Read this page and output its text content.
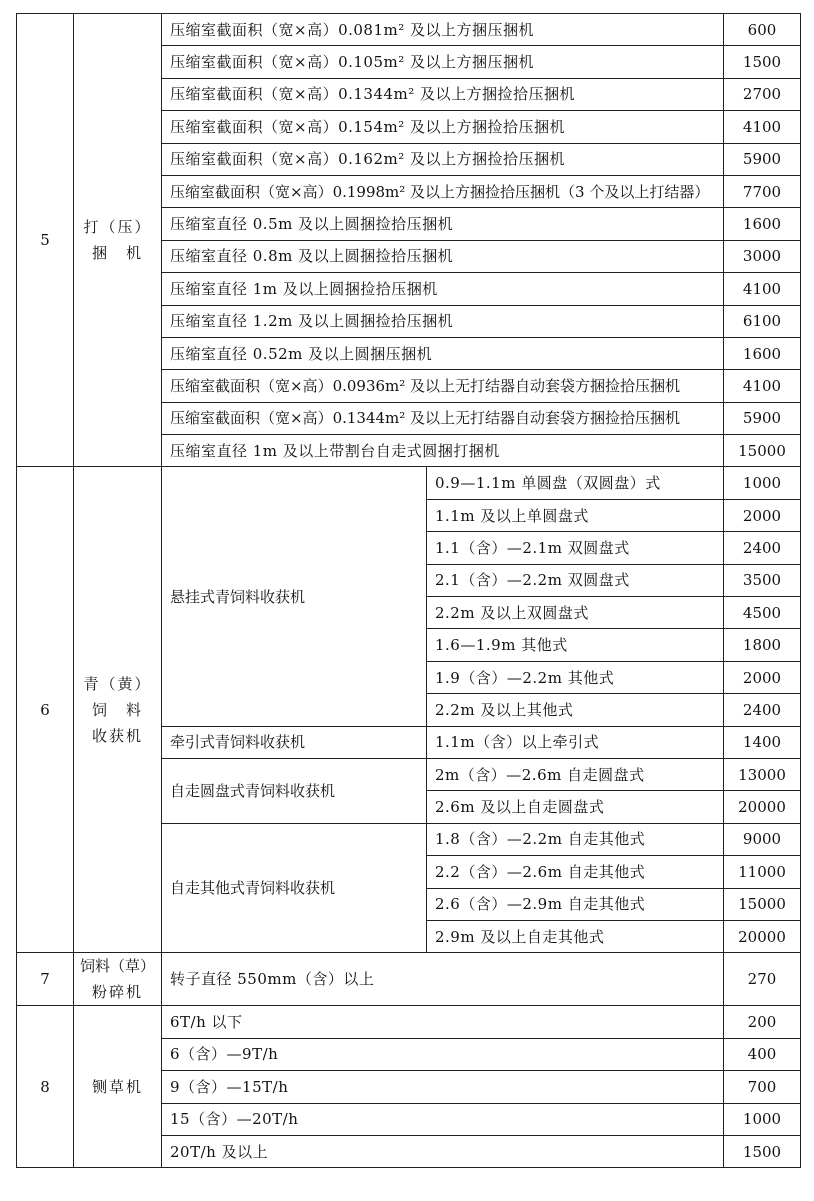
5	打（压）
捆　机	压缩室截面积（宽×高）0.081m² 及以上方捆压捆机		600
		压缩室截面积（宽×高）0.105m² 及以上方捆压捆机		1500
		压缩室截面积（宽×高）0.1344m² 及以上方捆捡拾压捆机		2700
		压缩室截面积（宽×高）0.154m² 及以上方捆捡拾压捆机		4100
		压缩室截面积（宽×高）0.162m² 及以上方捆捡拾压捆机		5900
		压缩室截面积（宽×高）0.1998m² 及以上方捆捡拾压捆机（3 个及以上打结器）		7700
		压缩室直径 0.5m 及以上圆捆捡拾压捆机		1600
		压缩室直径 0.8m 及以上圆捆捡拾压捆机		3000
		压缩室直径 1m 及以上圆捆捡拾压捆机		4100
		压缩室直径 1.2m 及以上圆捆捡拾压捆机		6100
		压缩室直径 0.52m 及以上圆捆压捆机		1600
		压缩室截面积（宽×高）0.0936m² 及以上无打结器自动套袋方捆捡拾压捆机		4100
		压缩室截面积（宽×高）0.1344m² 及以上无打结器自动套袋方捆捡拾压捆机		5900
		压缩室直径 1m 及以上带割台自走式圆捆打捆机		15000
6	青（黄）
饲　料
收获机	悬挂式青饲料收获机	0.9—1.1m 单圆盘（双圆盘）式	1000
			1.1m 及以上单圆盘式	2000
			1.1（含）—2.1m 双圆盘式	2400
			2.1（含）—2.2m 双圆盘式	3500
			2.2m 及以上双圆盘式	4500
			1.6—1.9m 其他式	1800
			1.9（含）—2.2m 其他式	2000
			2.2m 及以上其他式	2400
		牵引式青饲料收获机	1.1m（含）以上牵引式	1400
		自走圆盘式青饲料收获机	2m（含）—2.6m 自走圆盘式	13000
			2.6m 及以上自走圆盘式	20000
		自走其他式青饲料收获机	1.8（含）—2.2m 自走其他式	9000
			2.2（含）—2.6m 自走其他式	11000
			2.6（含）—2.9m 自走其他式	15000
			2.9m 及以上自走其他式	20000
7	饲料（草）
粉碎机	转子直径 550mm（含）以上		270
8	铡草机	6T/h 以下		200
		6（含）—9T/h		400
		9（含）—15T/h		700
		15（含）—20T/h		1000
		20T/h 及以上		1500
